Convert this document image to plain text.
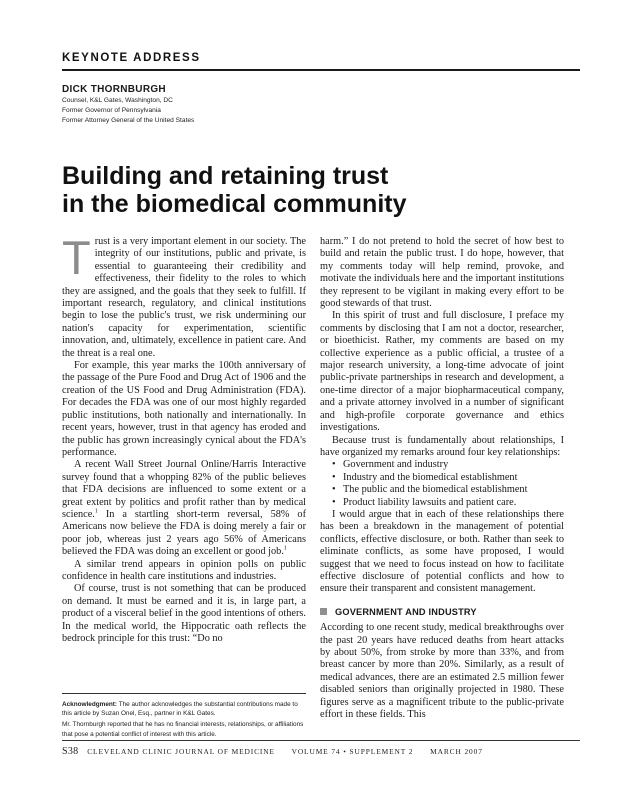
KEYNOTE ADDRESS
DICK THORNBURGH
Counsel, K&L Gates, Washington, DC
Former Governor of Pennsylvania
Former Attorney General of the United States
Building and retaining trust
in the biomedical community

Trust is a very important element in our society. The integrity of our institutions, public and private, is essential to guaranteeing their credibility and effectiveness, their fidelity to the roles to which they are assigned, and the goals that they seek to fulfill. If important research, regulatory, and clinical institutions begin to lose the public's trust, we risk undermining our nation's capacity for experimentation, scientific innovation, and, ultimately, excellence in patient care. And the threat is a real one.

For example, this year marks the 100th anniversary of the passage of the Pure Food and Drug Act of 1906 and the creation of the US Food and Drug Administration (FDA). For decades the FDA was one of our most highly regarded public institutions, both nationally and internationally. In recent years, however, trust in that agency has eroded and the public has grown increasingly cynical about the FDA's performance.

A recent Wall Street Journal Online/Harris Interactive survey found that a whopping 82% of the public believes that FDA decisions are influenced to some extent or a great extent by politics and profit rather than by medical science.$^1$ In a startling short-term reversal, 58% of Americans now believe the FDA is doing merely a fair or poor job, whereas just 2 years ago 56% of Americans believed the FDA was doing an excellent or good job.$^1$

A similar trend appears in opinion polls on public confidence in health care institutions and industries.

Of course, trust is not something that can be produced on demand. It must be earned and it is, in large part, a product of a visceral belief in the good intentions of others. In the medical world, the Hippocratic oath reflects the bedrock principle for this trust: “Do no

harm.” I do not pretend to hold the secret of how best to build and retain the public trust. I do hope, however, that my comments today will help remind, provoke, and motivate the individuals here and the important institutions they represent to be vigilant in making every effort to be good stewards of that trust.

In this spirit of trust and full disclosure, I preface my comments by disclosing that I am not a doctor, researcher, or bioethicist. Rather, my comments are based on my collective experience as a public official, a trustee of a major research university, a long-time advocate of joint public-private partnerships in research and development, a one-time director of a major biopharmaceutical company, and a private attorney involved in a number of significant and high-profile corporate governance and ethics investigations.

Because trust is fundamentally about relationships, I have organized my remarks around four key relationships:

• Government and industry
• Industry and the biomedical establishment
• The public and the biomedical establishment
• Product liability lawsuits and patient care.

I would argue that in each of these relationships there has been a breakdown in the management of potential conflicts, effective disclosure, or both. Rather than seek to eliminate conflicts, as some have proposed, I would suggest that we need to focus instead on how to facilitate effective disclosure of potential conflicts and how to ensure their transparent and consistent management.

GOVERNMENT AND INDUSTRY

According to one recent study, medical breakthroughs over the past 20 years have reduced deaths from heart attacks by about 50%, from stroke by more than 33%, and from breast cancer by more than 20%. Similarly, as a result of medical advances, there are an estimated 2.5 million fewer disabled seniors than originally projected in 1980. These figures serve as a magnificent tribute to the public-private effort in these fields. This

Acknowledgment: The author acknowledges the substantial contributions made to this article by Suzan Onel, Esq., partner in K&L Gates.

Mr. Thornburgh reported that he has no financial interests, relationships, or affiliations that pose a potential conflict of interest with this article.

S38 CLEVELAND CLINIC JOURNAL OF MEDICINE VOLUME 74 • SUPPLEMENT 2 MARCH 2007
